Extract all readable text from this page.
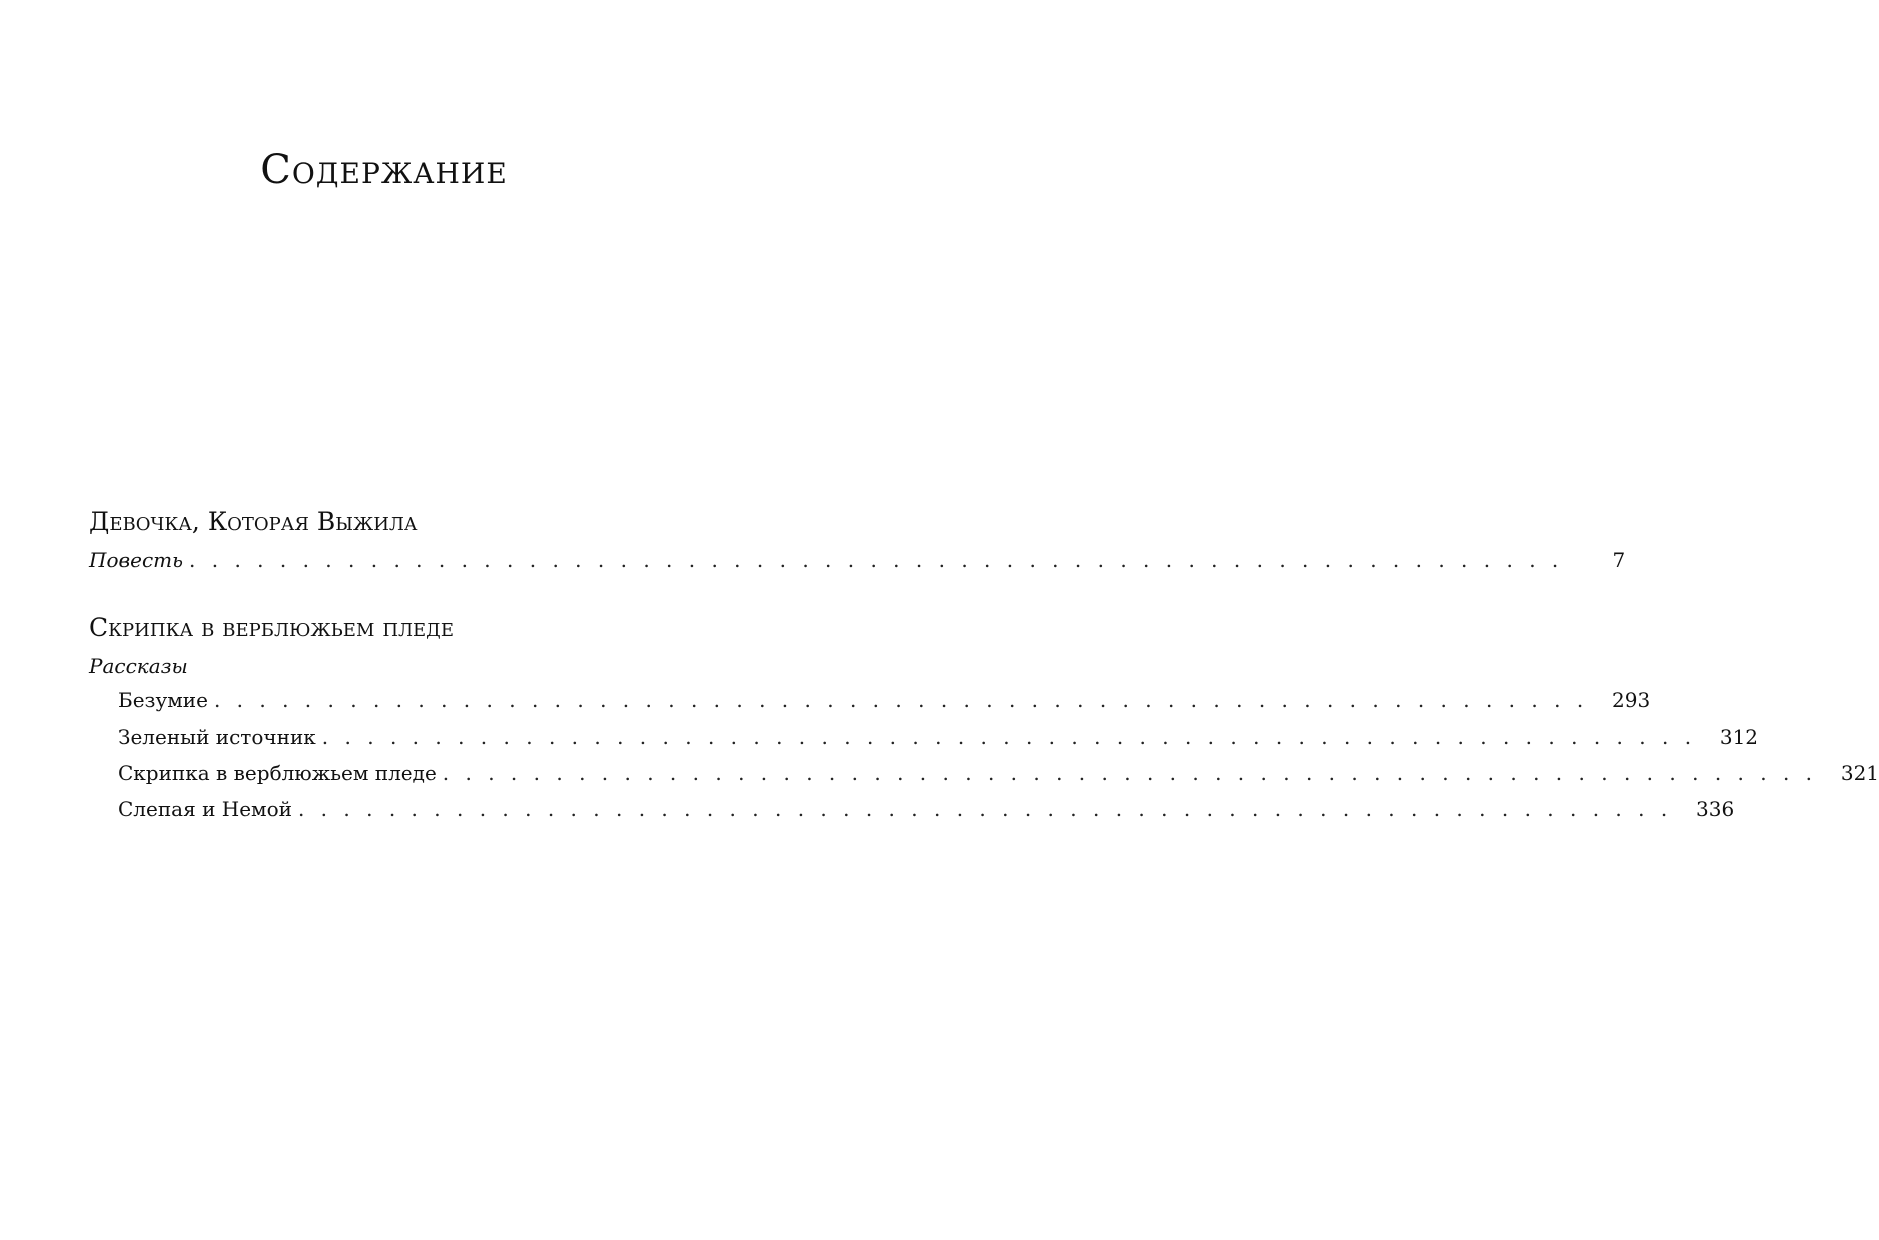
Содержание
Девочка, Которая Выжила
Повесть . . . . . . . . . . . . . . . . . . . . . . . . . . . . . . . . . . . . . . . . . . . . . . . . . . . . . . . . . . . . .	7
Скрипка в верблюжьем пледе
Рассказы
Безумие . . . . . . . . . . . . . . . . . . . . . . . . . . . . . . . . . . . . . . . . . . . . . . . . . . . . . . . . . . . . .	293
Зеленый источник . . . . . . . . . . . . . . . . . . . . . . . . . . . . . . . . . . . . . . . . . . . . . . . . . . . . . . . . . . . . .	312
Скрипка в верблюжьем пледе . . . . . . . . . . . . . . . . . . . . . . . . . . . . . . . . . . . . . . . . . . . . . . . . . . . . . . . . . . . . .	321
Слепая и Немой . . . . . . . . . . . . . . . . . . . . . . . . . . . . . . . . . . . . . . . . . . . . . . . . . . . . . . . . . . . . .	336
